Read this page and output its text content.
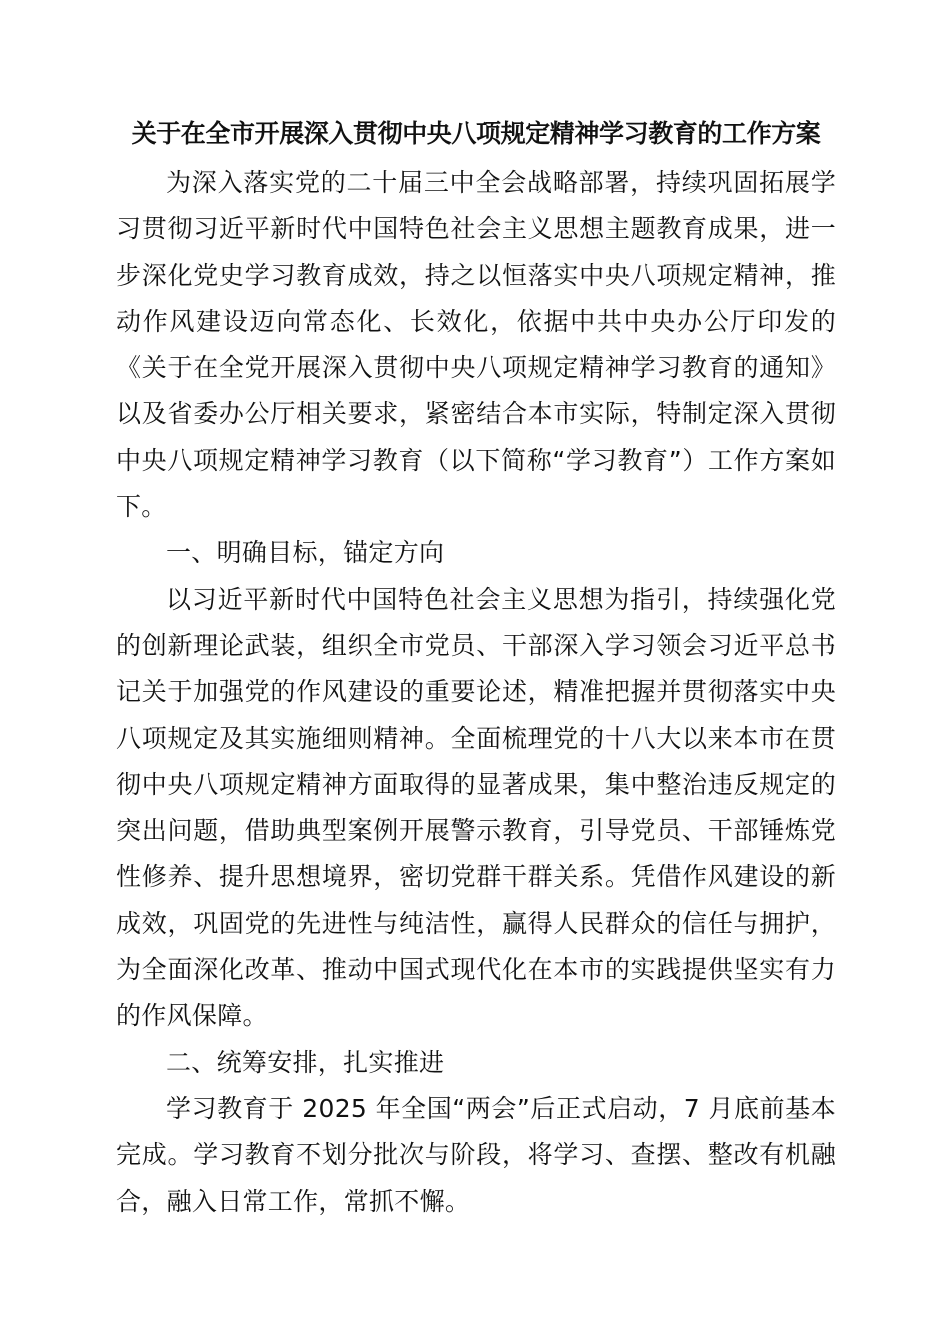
关于在全市开展深入贯彻中央八项规定精神学习教育的工作方案

为深入落实党的二十届三中全会战略部署，持续巩固拓展学习贯彻习近平新时代中国特色社会主义思想主题教育成果，进一步深化党史学习教育成效，持之以恒落实中央八项规定精神，推动作风建设迈向常态化、长效化，依据中共中央办公厅印发的《关于在全党开展深入贯彻中央八项规定精神学习教育的通知》以及省委办公厅相关要求，紧密结合本市实际，特制定深入贯彻中央八项规定精神学习教育（以下简称“学习教育”）工作方案如下。

一、明确目标，锚定方向

以习近平新时代中国特色社会主义思想为指引，持续强化党的创新理论武装，组织全市党员、干部深入学习领会习近平总书记关于加强党的作风建设的重要论述，精准把握并贯彻落实中央八项规定及其实施细则精神。全面梳理党的十八大以来本市在贯彻中央八项规定精神方面取得的显著成果，集中整治违反规定的突出问题，借助典型案例开展警示教育，引导党员、干部锤炼党性修养、提升思想境界，密切党群干群关系。凭借作风建设的新成效，巩固党的先进性与纯洁性，赢得人民群众的信任与拥护，为全面深化改革、推动中国式现代化在本市的实践提供坚实有力的作风保障。

二、统筹安排，扎实推进

学习教育于 2025 年全国“两会”后正式启动，7 月底前基本完成。学习教育不划分批次与阶段，将学习、查摆、整改有机融合，融入日常工作，常抓不懈。
